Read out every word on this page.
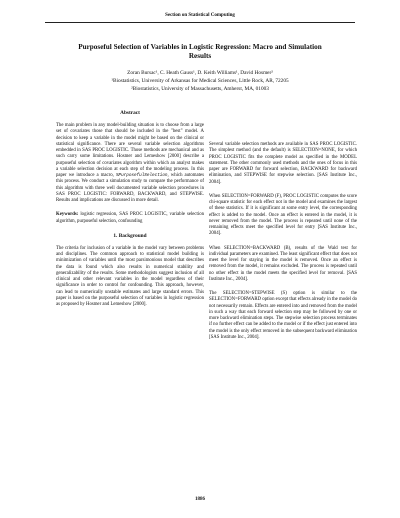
Section on Statistical Computing
Purposeful Selection of Variables in Logistic Regression: Macro and Simulation
Results
Zoran Bursac¹, C. Heath Gauss¹, D. Keith Williams¹, David Hosmer²
¹Biostatistics, University of Arkansas for Medical Sciences, Little Rock, AR, 72205
²Biostatistics, University of Massachusetts, Amherst, MA, 01003
Abstract

The main problem in any model-building situation is to choose from a large set of covariates those that should be included in the "best" model. A decision to keep a variable in the model might be based on the clinical or statistical significance. There are several variable selection algorithms embedded in SAS PROC LOGISTIC. Those methods are mechanical and as such carry some limitations. Hosmer and Lemeshow [2000] describe a purposeful selection of covariates algorithm within which an analyst makes a variable selection decision at each step of the modeling process. In this paper we introduce a macro, %PurposefulSelection, which automates this process. We conduct a simulation study to compare the performance of this algorithm with three well documented variable selection procedures in SAS PROC LOGISTIC: FORWARD, BACKWARD, and STEPWISE. Results and implications are discussed in more detail.

Keywords: logistic regression, SAS PROC LOGISTIC, variable selection algorithm, purposeful selection, confounding

1. Background

The criteria for inclusion of a variable in the model vary between problems and disciplines. The common approach to statistical model building is minimization of variables until the most parsimonious model that describes the data is found which also results in numerical stability and generalizability of the results. Some methodologists suggest inclusion of all clinical and other relevant variables in the model regardless of their significance in order to control for confounding. This approach, however, can lead to numerically unstable estimates and large standard errors. This paper is based on the purposeful selection of variables in logistic regression as proposed by Hosmer and Lemeshow [2000].

Several variable selection methods are available in SAS PROC LOGISTIC. The simplest method (and the default) is SELECTION=NONE, for which PROC LOGISTIC fits the complete model as specified in the MODEL statement. The other commonly used methods and the ones of focus in this paper are FORWARD for forward selection, BACKWARD for backward elimination, and STEPWISE for stepwise selection. [SAS Institute Inc., 2004].

When SELECTION=FORWARD (F), PROC LOGISTIC computes the score chi-square statistic for each effect not in the model and examines the largest of these statistics. If it is significant at some entry level, the corresponding effect is added to the model. Once an effect is entered in the model, it is never removed from the model. The process is repeated until none of the remaining effects meet the specified level for entry [SAS Institute Inc., 2004].

When SELECTION=BACKWARD (B), results of the Wald test for individual parameters are examined. The least significant effect that does not meet the level for staying in the model is removed. Once an effect is removed from the model, it remains excluded. The process is repeated until no other effect in the model meets the specified level for removal. [SAS Institute Inc., 2004].

The SELECTION=STEPWISE (S) option is similar to the SELECTION=FORWARD option except that effects already in the model do not necessarily remain. Effects are entered into and removed from the model in such a way that each forward selection step may be followed by one or more backward elimination steps. The stepwise selection process terminates if no further effect can be added to the model or if the effect just entered into the model is the only effect removed in the subsequent backward elimination [SAS Institute Inc., 2004].

1886
